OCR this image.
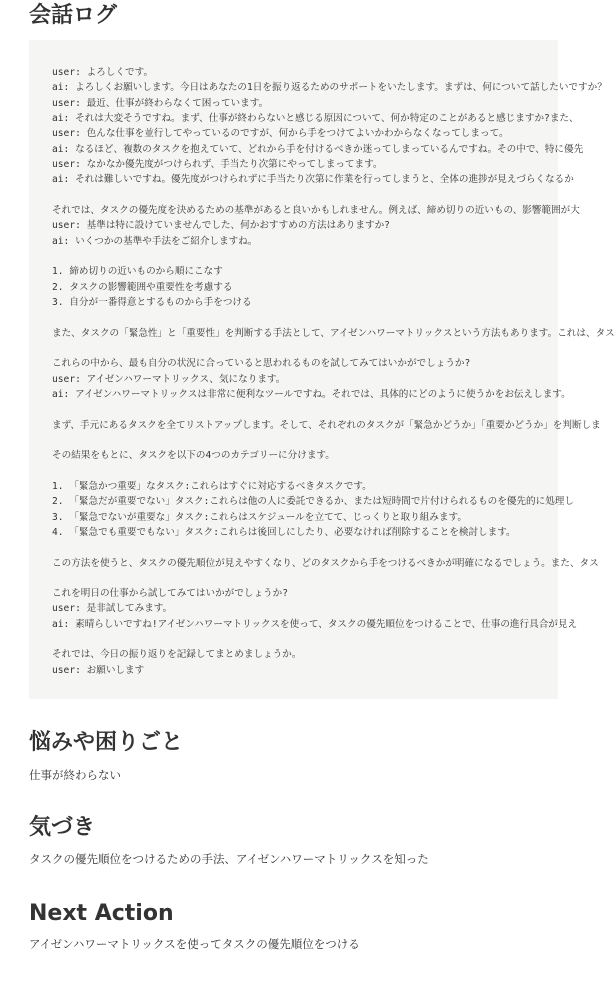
会話ログ
user: よろしくです。
ai: よろしくお願いします。今日はあなたの1日を振り返るためのサポートをいたします。まずは、何について話したいですか？
user: 最近、仕事が終わらなくて困っています。
ai: それは大変そうですね。まず、仕事が終わらないと感じる原因について、何か特定のことがあると感じますか?また、
user: 色んな仕事を並行してやっているのですが、何から手をつけてよいかわからなくなってしまって。
ai: なるほど、複数のタスクを抱えていて、どれから手を付けるべきか迷ってしまっているんですね。その中で、特に優先
user: なかなか優先度がつけられず、手当たり次第にやってしまってます。
ai: それは難しいですね。優先度がつけられずに手当たり次第に作業を行ってしまうと、全体の進捗が見えづらくなるか

それでは、タスクの優先度を決めるための基準があると良いかもしれません。例えば、締め切りの近いもの、影響範囲が大
user: 基準は特に設けていませんでした、何かおすすめの方法はありますか?
ai: いくつかの基準や手法をご紹介しますね。

1. 締め切りの近いものから順にこなす
2. タスクの影響範囲や重要性を考慮する
3. 自分が一番得意とするものから手をつける

また、タスクの「緊急性」と「重要性」を判断する手法として、アイゼンハワーマトリックスという方法もあります。これは、タス

これらの中から、最も自分の状況に合っていると思われるものを試してみてはいかがでしょうか?
user: アイゼンハワーマトリックス、気になります。
ai: アイゼンハワーマトリックスは非常に便利なツールですね。それでは、具体的にどのように使うかをお伝えします。

まず、手元にあるタスクを全てリストアップします。そして、それぞれのタスクが「緊急かどうか」「重要かどうか」を判断しま

その結果をもとに、タスクを以下の4つのカテゴリーに分けます。

1. 「緊急かつ重要」なタスク:これらはすぐに対応するべきタスクです。
2. 「緊急だが重要でない」タスク:これらは他の人に委託できるか、または短時間で片付けられるものを優先的に処理し
3. 「緊急でないが重要な」タスク:これらはスケジュールを立てて、じっくりと取り組みます。
4. 「緊急でも重要でもない」タスク:これらは後回しにしたり、必要なければ削除することを検討します。

この方法を使うと、タスクの優先順位が見えやすくなり、どのタスクから手をつけるべきかが明確になるでしょう。また、タス

これを明日の仕事から試してみてはいかがでしょうか?
user: 是非試してみます。
ai: 素晴らしいですね!アイゼンハワーマトリックスを使って、タスクの優先順位をつけることで、仕事の進行具合が見え

それでは、今日の振り返りを記録してまとめましょうか。
user: お願いします
悩みや困りごと

仕事が終わらない

気づき

タスクの優先順位をつけるための手法、アイゼンハワーマトリックスを知った

Next Action

アイゼンハワーマトリックスを使ってタスクの優先順位をつける
